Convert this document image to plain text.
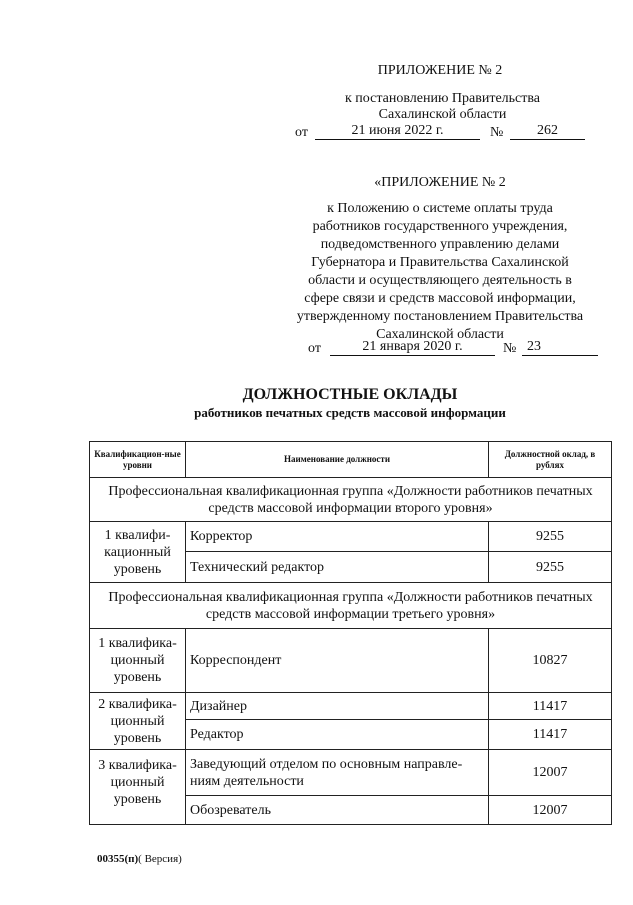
ПРИЛОЖЕНИЕ № 2
к постановлению Правительства
Сахалинской области
от	21 июня 2022 г.	№	262
«ПРИЛОЖЕНИЕ № 2
к Положению о системе оплаты труда
работников государственного учреждения,
подведомственного управлению делами
Губернатора и Правительства Сахалинской
области и осуществляющего деятельность в
сфере связи и средств массовой информации,
утвержденному постановлением Правительства
Сахалинской области
от	21 января 2020 г.	№ 23
ДОЛЖНОСТНЫЕ ОКЛАДЫ
работников печатных средств массовой информации
Квалификацион-ные уровни	Наименование должности	Должностной оклад, в рублях
Профессиональная квалификационная группа «Должности работников печатных средств массовой информации второго уровня»		
1 квалифи-кационный уровень	Корректор	9255
	Технический редактор	9255
Профессиональная квалификационная группа «Должности работников печатных средств массовой информации третьего уровня»		
1 квалифика-ционный уровень	Корреспондент	10827
2 квалифика-ционный уровень	Дизайнер	11417
	Редактор	11417
3 квалифика-ционный уровень	Заведующий отделом по основным направле-ниям деятельности	12007
	Обозреватель	12007
00355(п)( Версия)
